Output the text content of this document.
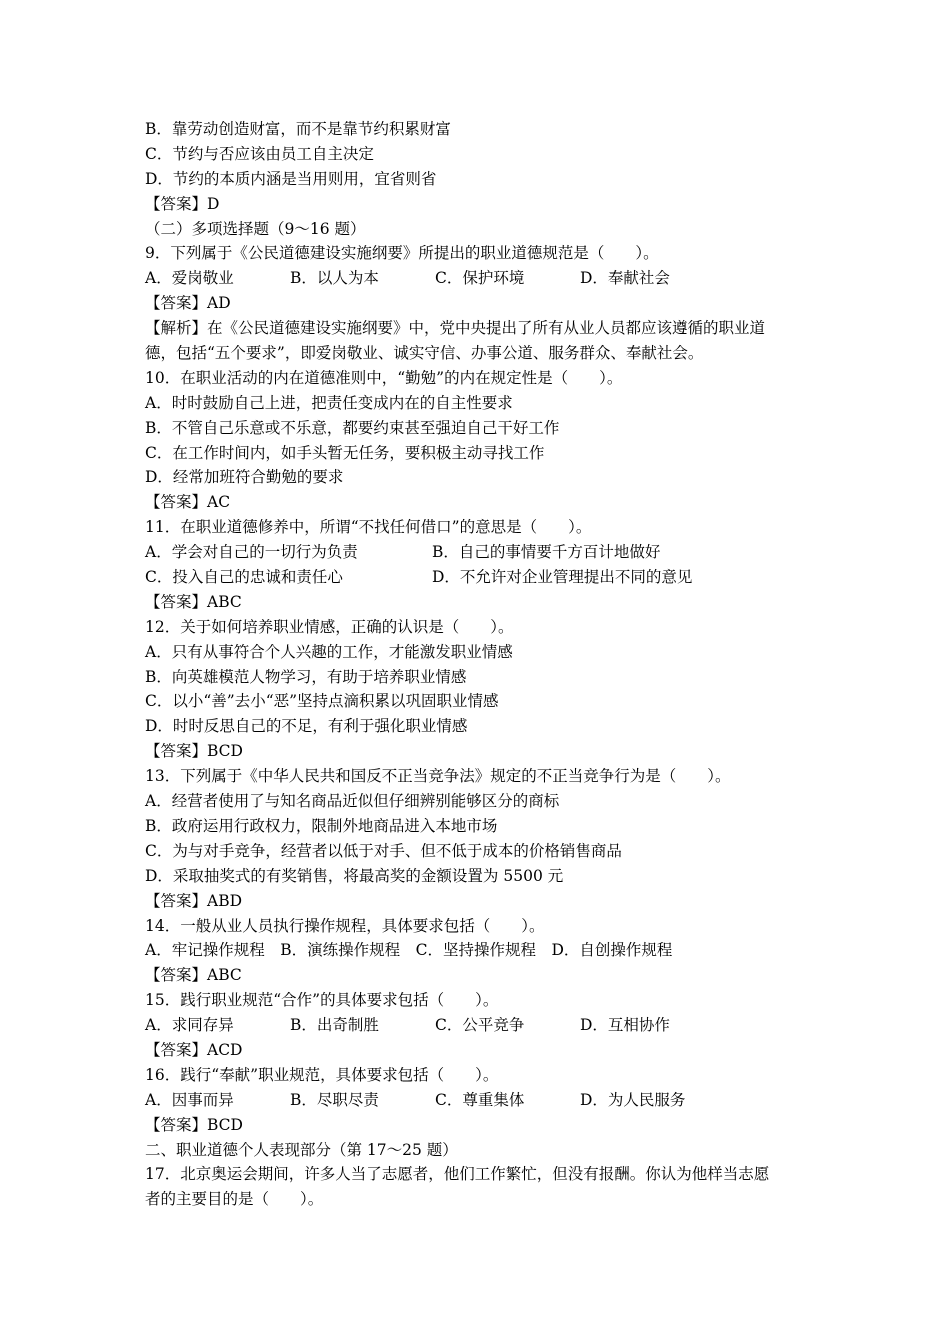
B．靠劳动创造财富，而不是靠节约积累财富
C．节约与否应该由员工自主决定
D．节约的本质内涵是当用则用，宜省则省
【答案】D
（二）多项选择题（9～16 题）
9．下列属于《公民道德建设实施纲要》所提出的职业道德规范是（　　）。
A．爱岗敬业	B．以人为本	C．保护环境	D．奉献社会
【答案】AD
【解析】在《公民道德建设实施纲要》中，党中央提出了所有从业人员都应该遵循的职业道
德，包括“五个要求”，即爱岗敬业、诚实守信、办事公道、服务群众、奉献社会。
10．在职业活动的内在道德准则中，“勤勉”的内在规定性是（　　）。
A．时时鼓励自己上进，把责任变成内在的自主性要求
B．不管自己乐意或不乐意，都要约束甚至强迫自己干好工作
C．在工作时间内，如手头暂无任务，要积极主动寻找工作
D．经常加班符合勤勉的要求
【答案】AC
11．在职业道德修养中，所谓“不找任何借口”的意思是（　　）。
A．学会对自己的一切行为负责	B．自己的事情要千方百计地做好
C．投入自己的忠诚和责任心	D．不允许对企业管理提出不同的意见
【答案】ABC
12．关于如何培养职业情感，正确的认识是（　　）。
A．只有从事符合个人兴趣的工作，才能激发职业情感
B．向英雄模范人物学习，有助于培养职业情感
C．以小“善”去小“恶”坚持点滴积累以巩固职业情感
D．时时反思自己的不足，有利于强化职业情感
【答案】BCD
13．下列属于《中华人民共和国反不正当竞争法》规定的不正当竞争行为是（　　）。
A．经营者使用了与知名商品近似但仔细辨别能够区分的商标
B．政府运用行政权力，限制外地商品进入本地市场
C．为与对手竞争，经营者以低于对手、但不低于成本的价格销售商品
D．采取抽奖式的有奖销售，将最高奖的金额设置为 5500 元
【答案】ABD
14．一般从业人员执行操作规程，具体要求包括（　　）。
A．牢记操作规程　B．演练操作规程　C．坚持操作规程　D．自创操作规程
【答案】ABC
15．践行职业规范“合作”的具体要求包括（　　）。
A．求同存异	B．出奇制胜	C．公平竞争	D．互相协作
【答案】ACD
16．践行“奉献”职业规范，具体要求包括（　　）。
A．因事而异	B．尽职尽责	C．尊重集体	D．为人民服务
【答案】BCD
二、职业道德个人表现部分（第 17～25 题）
17．北京奥运会期间，许多人当了志愿者，他们工作繁忙，但没有报酬。你认为他样当志愿
者的主要目的是（　　）。
